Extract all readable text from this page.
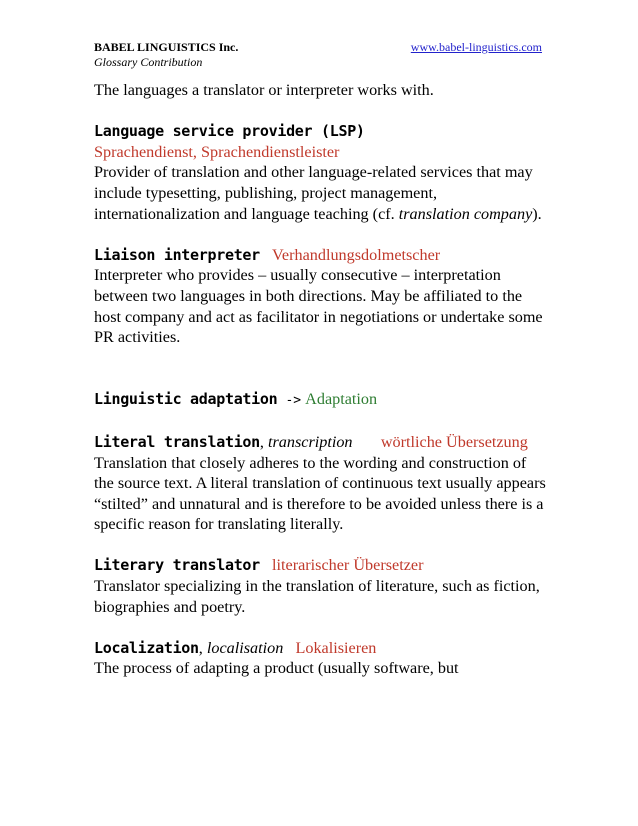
BABEL LINGUISTICS Inc.
Glossary Contribution
www.babel-linguistics.com

The languages a translator or interpreter works with.

Language service provider (LSP)

Sprachendienst, Sprachendienstleister

Provider of translation and other language-related services that may include typesetting, publishing, project management, internationalization and language teaching (cf. translation company).

Liaison interpreter Verhandlungsdolmetscher

Interpreter who provides – usually consecutive – interpretation between two languages in both directions. May be affiliated to the host company and act as facilitator in negotiations or undertake some PR activities.

Linguistic adaptation -> Adaptation

Literal translation, transcription wörtliche Übersetzung

Translation that closely adheres to the wording and construction of the source text. A literal translation of continuous text usually appears “stilted” and unnatural and is therefore to be avoided unless there is a specific reason for translating literally.

Literary translator literarischer Übersetzer

Translator specializing in the translation of literature, such as fiction, biographies and poetry.

Localization, localisation Lokalisieren

The process of adapting a product (usually software, but
